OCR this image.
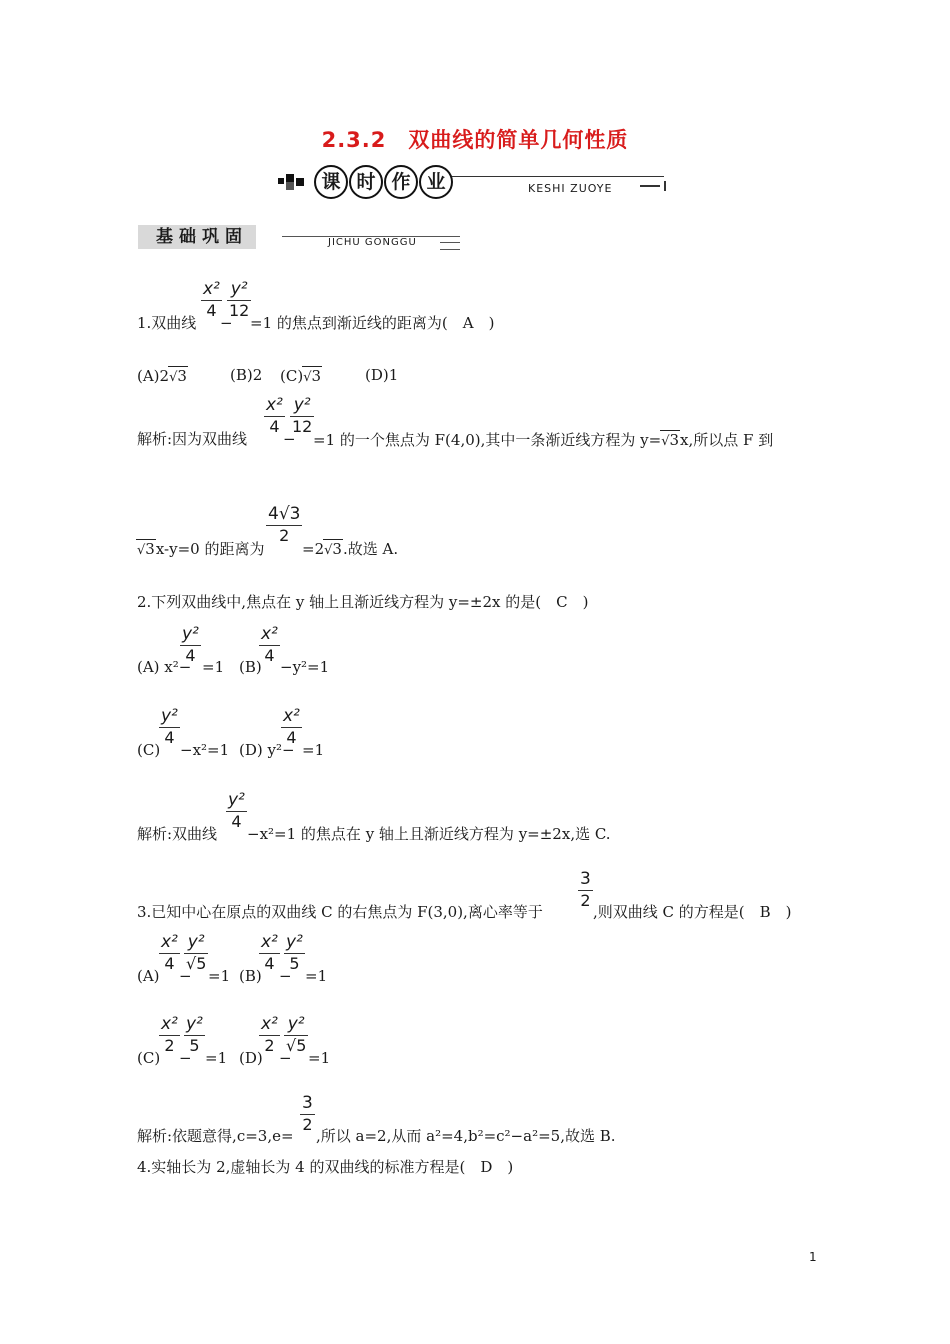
2.3.2　双曲线的简单几何性质
课 时 作 业	KESHI ZUOYE
基础巩固	JICHU GONGGU
1.双曲线
x²
4
−
y²
12
=1 的焦点到渐近线的距离为(　A　)
(A)2√3	(B)2 (C)√3	(D)1
解析:因为双曲线
x²
4
−
y²
12
=1 的一个焦点为 F(4,0),其中一条渐近线方程为 y=√3x,所以点 F 到
√3x-y=0 的距离为
4√3
2
=2√3.故选 A.
2.下列双曲线中,焦点在 y 轴上且渐近线方程为 y=±2x 的是(　C　)
(A) x²−
y²
4
=1 (B)
x²
4
−y²=1
(C)
y²
4
−x²=1 (D) y²−
x²
4
=1
解析:双曲线
y²
4
−x²=1 的焦点在 y 轴上且渐近线方程为 y=±2x,选 C.
3.已知中心在原点的双曲线 C 的右焦点为 F(3,0),离心率等于
3
2
,则双曲线 C 的方程是(　B　)
(A)
x²
4
−
y²
√5
=1 (B)
x²
4
−
y²
5
=1
(C)
x²
2
−
y²
5
=1 (D)
x²
2
−
y²
√5
=1
解析:依题意得,c=3,e=
3
2
,所以 a=2,从而 a²=4,b²=c²−a²=5,故选 B.
4.实轴长为 2,虚轴长为 4 的双曲线的标准方程是(　D　)
1
